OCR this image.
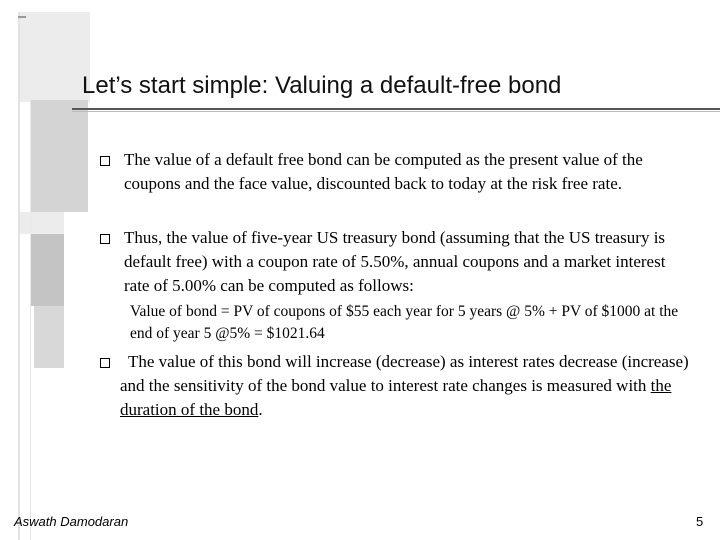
Let’s start simple: Valuing a default-free bond
The value of a default free bond can be computed as the present value of the coupons and the face value, discounted back to today at the risk free rate.
Thus, the value of five-year US treasury bond (assuming that the US treasury is default free) with a coupon rate of 5.50%, annual coupons and a market interest rate of 5.00% can be computed as follows:
Value of bond = PV of coupons of $55 each year for 5 years @ 5% + PV of $1000 at the end of year 5 @5% = $1021.64
The value of this bond will increase (decrease) as interest rates decrease (increase) and the sensitivity of the bond value to interest rate changes is measured with the duration of the bond.
Aswath Damodaran	5
